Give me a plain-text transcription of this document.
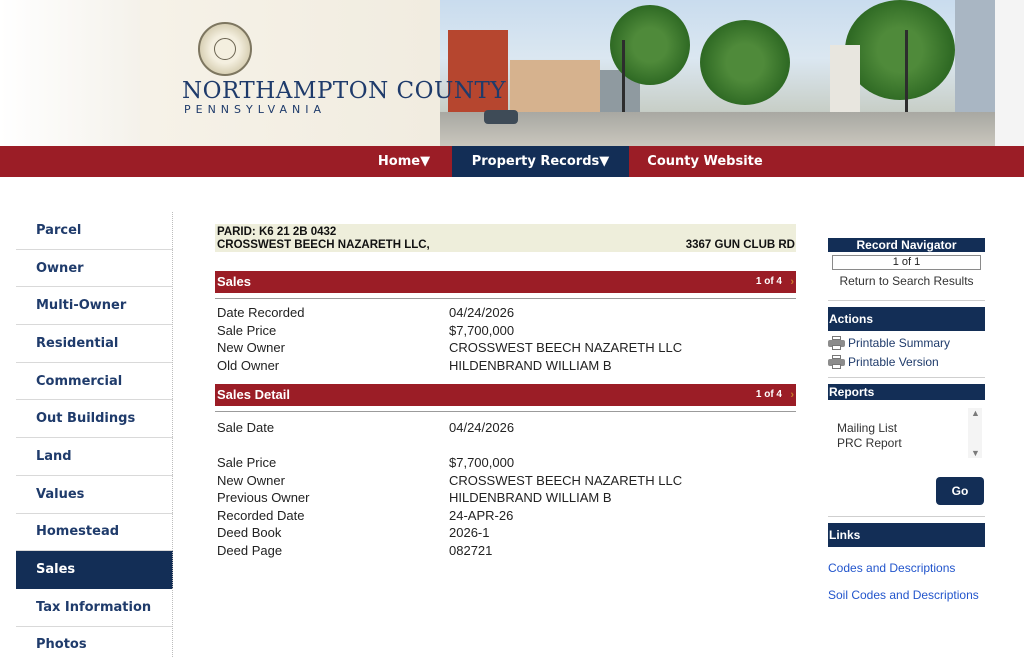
NORTHAMPTON COUNTY
PENNSYLVANIA
Home▼	Property Records▼	County Website
Parcel
Owner
Multi-Owner
Residential
Commercial
Out Buildings
Land
Values
Homestead
Sales
Tax Information
Photos
PARID: K6 21 2B 0432
CROSSWEST BEECH NAZARETH LLC,	3367 GUN CLUB RD
Sales	1 of 4 ›
Date Recorded	04/24/2026
Sale Price	$7,700,000
New Owner	CROSSWEST BEECH NAZARETH LLC
Old Owner	HILDENBRAND WILLIAM B
Sales Detail	1 of 4 ›
Sale Date	04/24/2026
Sale Price	$7,700,000
New Owner	CROSSWEST BEECH NAZARETH LLC
Previous Owner	HILDENBRAND WILLIAM B
Recorded Date	24-APR-26
Deed Book	2026-1
Deed Page	082721
Record Navigator
1 of 1
Return to Search Results
Actions
Printable Summary
Printable Version
Reports
Mailing List
PRC Report
▲
▼
Go
Links
Codes and Descriptions
Soil Codes and Descriptions
